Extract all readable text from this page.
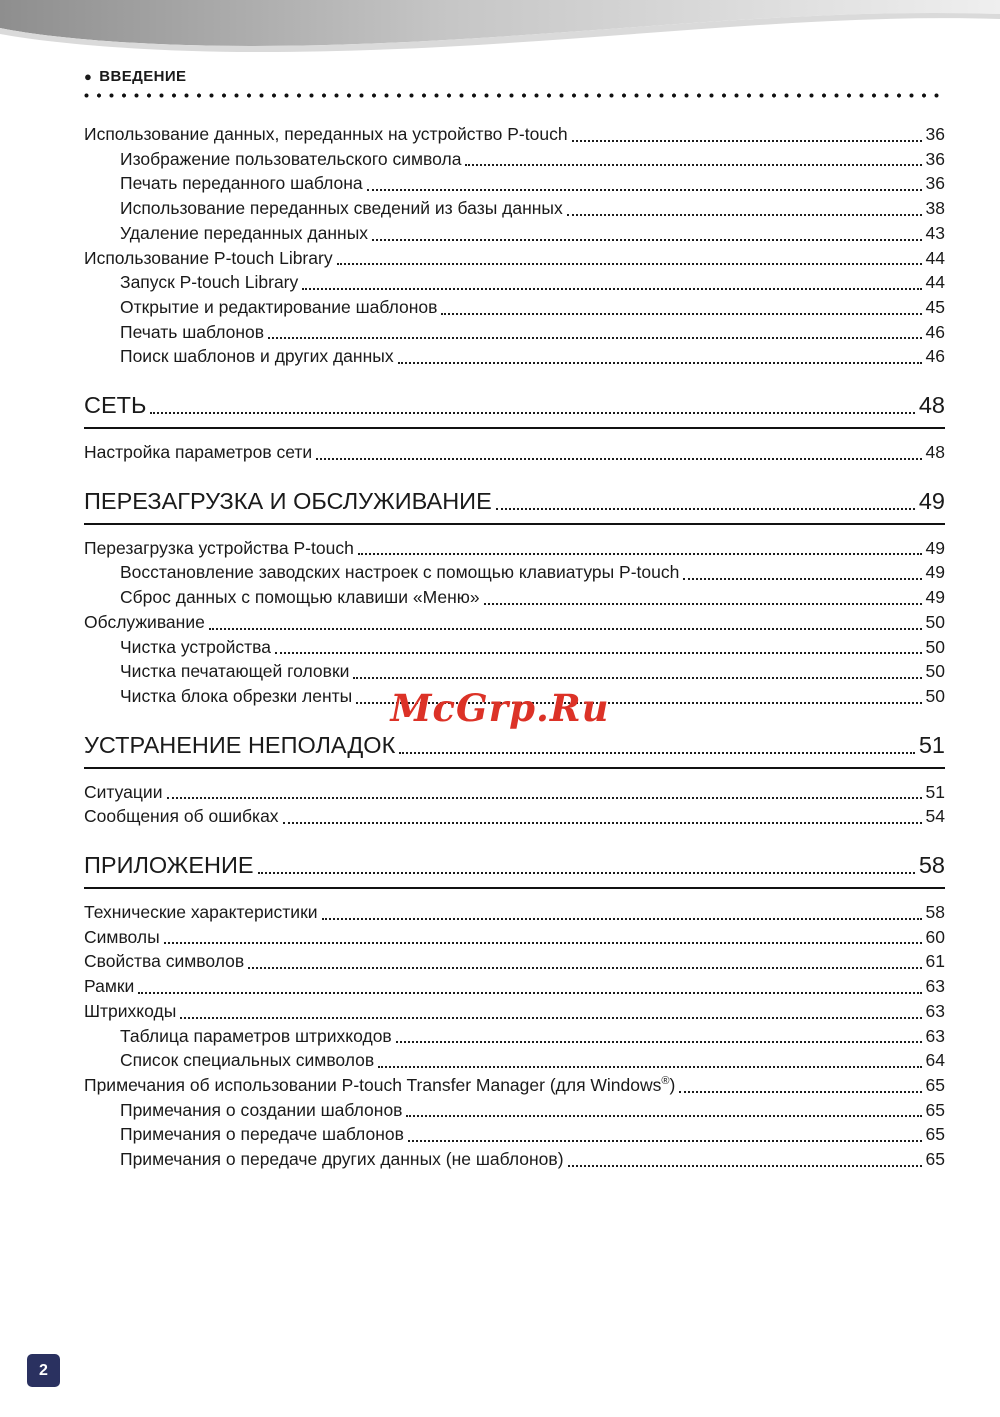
● ВВЕДЕНИЕ
Использование данных, переданных на устройство P-touch	36
Изображение пользовательского символа	36
Печать переданного шаблона	36
Использование переданных сведений из базы данных	38
Удаление переданных данных	43
Использование P-touch Library	44
Запуск P-touch Library	44
Открытие и редактирование шаблонов	45
Печать шаблонов	46
Поиск шаблонов и других данных	46
СЕТЬ	48
Настройка параметров сети	48
ПЕРЕЗАГРУЗКА И ОБСЛУЖИВАНИЕ	49
Перезагрузка устройства P-touch	49
Восстановление заводских настроек с помощью клавиатуры P-touch	49
Сброс данных с помощью клавиши «Меню»	49
Обслуживание	50
Чистка устройства	50
Чистка печатающей головки	50
Чистка блока обрезки ленты	50
УСТРАНЕНИЕ НЕПОЛАДОК	51
Ситуации	51
Сообщения об ошибках	54
ПРИЛОЖЕНИЕ	58
Технические характеристики	58
Символы	60
Свойства символов	61
Рамки	63
Штрихкоды	63
Таблица параметров штрихкодов	63
Список специальных символов	64
Примечания об использовании P-touch Transfer Manager (для Windows®)	65
Примечания о создании шаблонов	65
Примечания о передаче шаблонов	65
Примечания о передаче других данных (не шаблонов)	65
McGrp.Ru
2
